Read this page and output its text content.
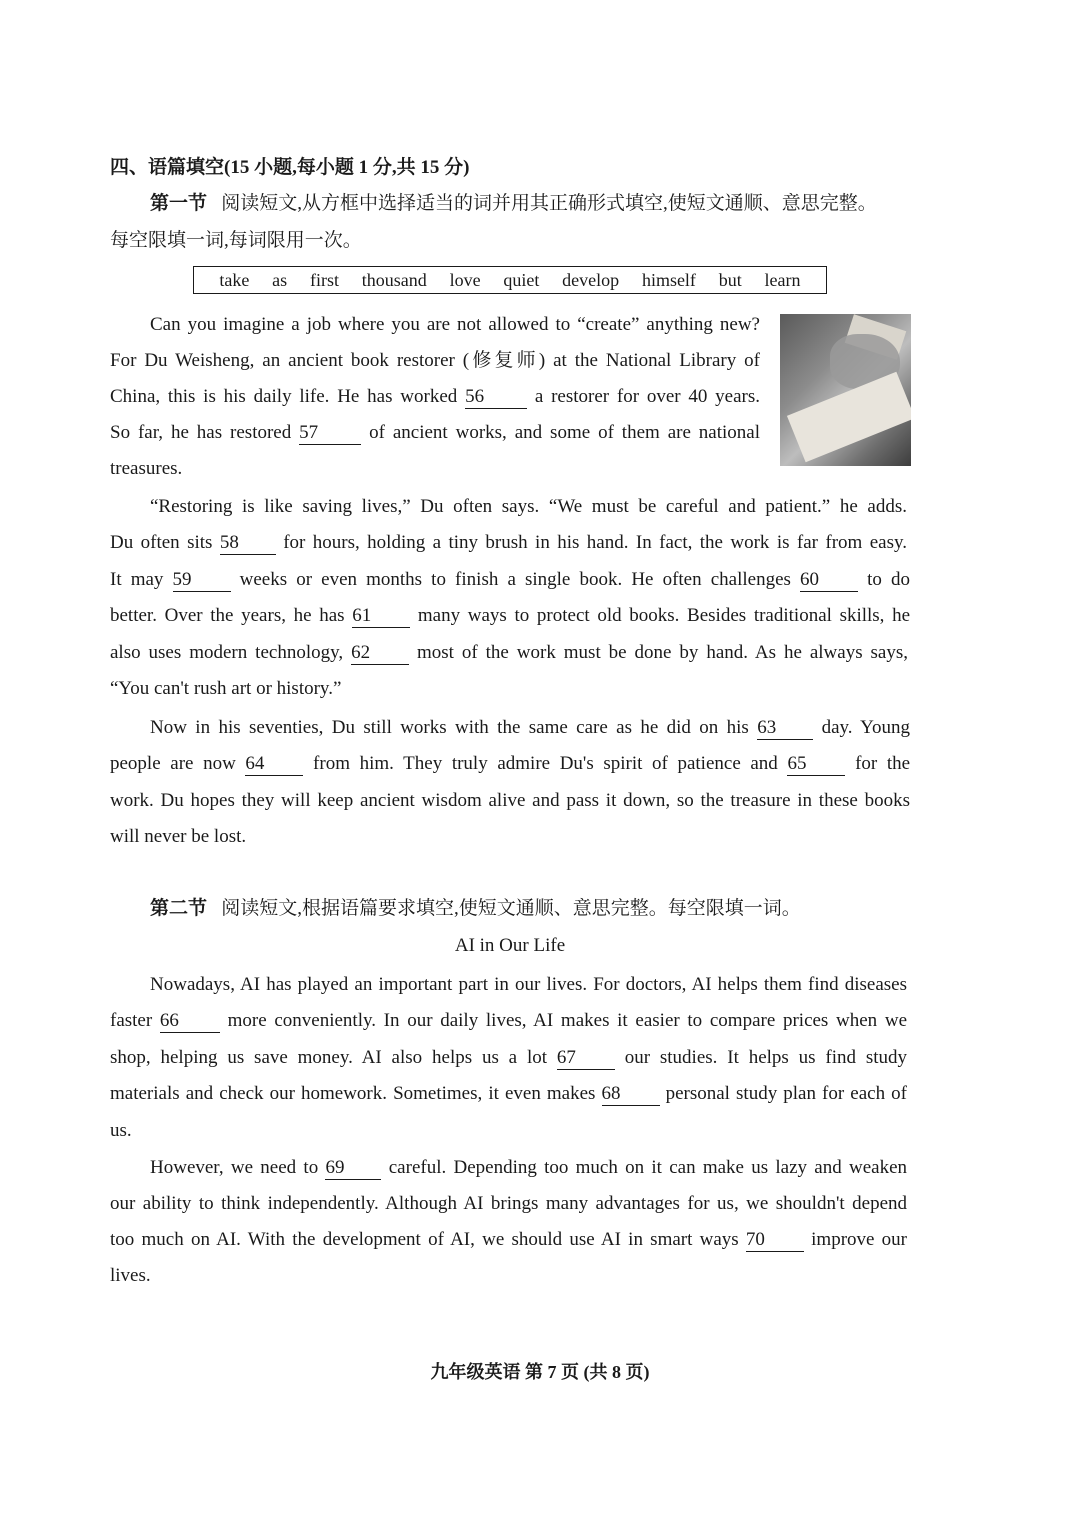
四、语篇填空(15 小题,每小题 1 分,共 15 分)
第一节 阅读短文,从方框中选择适当的词并用其正确形式填空,使短文通顺、意思完整。
每空限填一词,每词限用一次。
take as first thousand love quiet develop himself but learn
Can you imagine a job where you are not allowed to “create” anything new?
For Du Weisheng, an ancient book restorer (修复师) at the National Library of
China, this is his daily life. He has worked 56	a restorer for over 40 years.
So far, he has restored 57	of ancient works, and some of them are national
treasures.
“Restoring is like saving lives,” Du often says. “We must be careful and patient.” he adds.
Du often sits 58 for hours, holding a tiny brush in his hand. In fact, the work is far from easy.
It may 59	weeks or even months to finish a single book. He often challenges 60	to do
better. Over the years, he has 61 many ways to protect old books. Besides traditional skills, he
also uses modern technology, 62 most of the work must be done by hand. As he always says,
“You can't rush art or history.”
Now in his seventies, Du still works with the same care as he did on his 63 day. Young
people are now 64	from him. They truly admire Du's spirit of patience and 65	for the
work. Du hopes they will keep ancient wisdom alive and pass it down, so the treasure in these books
will never be lost.
第二节 阅读短文,根据语篇要求填空,使短文通顺、意思完整。每空限填一词。
AI in Our Life
Nowadays, AI has played an important part in our lives. For doctors, AI helps them find diseases
faster 66	more conveniently. In our daily lives, AI makes it easier to compare prices when we
shop, helping us save money. AI also helps us a lot 67	our studies. It helps us find study
materials and check our homework. Sometimes, it even makes 68 personal study plan for each of
us.
However, we need to 69 careful. Depending too much on it can make us lazy and weaken
our ability to think independently. Although AI brings many advantages for us, we shouldn't depend
too much on AI. With the development of AI, we should use AI in smart ways 70 improve our
lives.
九年级英语 第 7 页 (共 8 页)
